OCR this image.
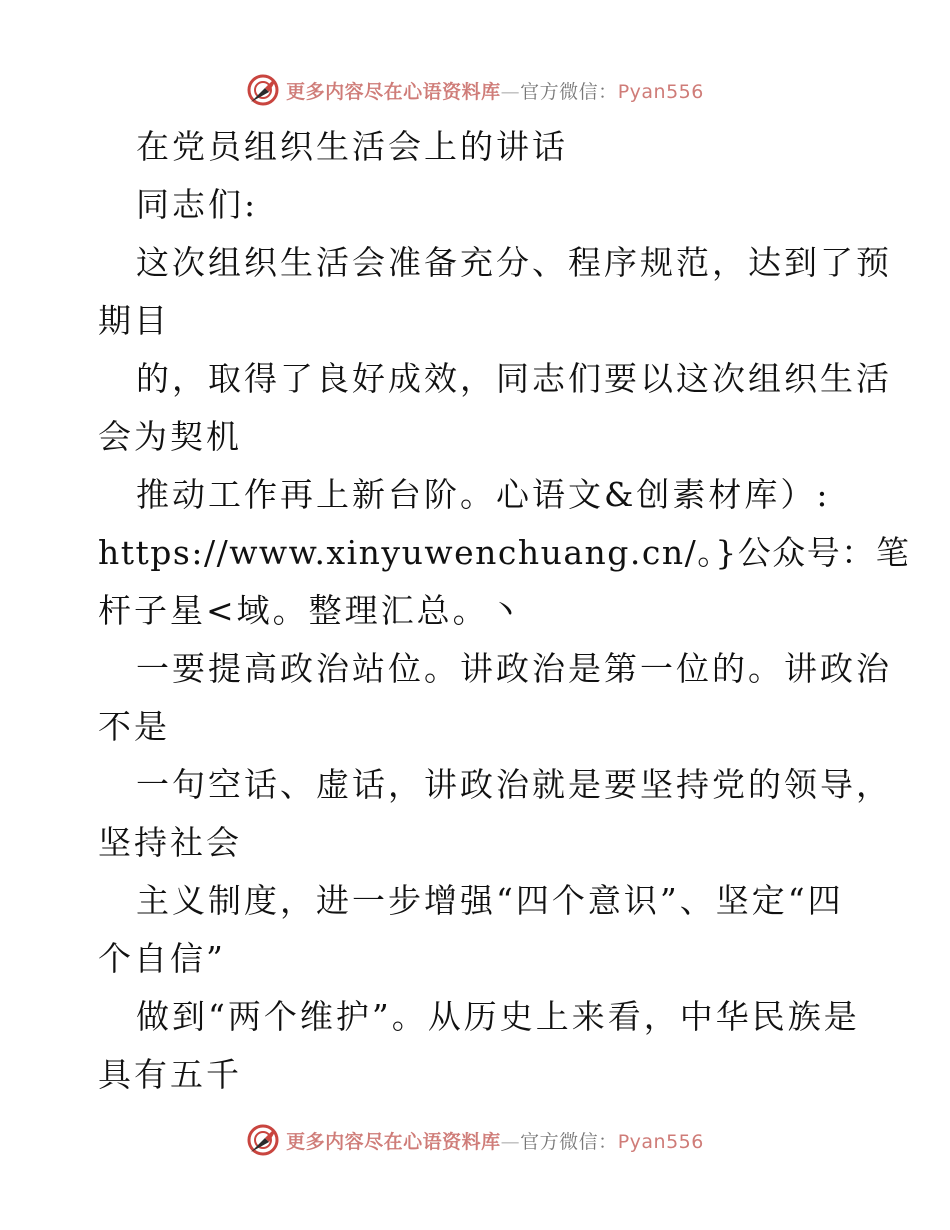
更多内容尽在心语资料库—官方微信：Pyan556
在党员组织生活会上的讲话
同志们:
这次组织生活会准备充分、程序规范，达到了预
期目
的，取得了良好成效，同志们要以这次组织生活
会为契机
推动工作再上新台阶。心语文&创素材库）:
https://www.xinyuwenchuang.cn/。}公众号：笔
杆子星<域。整理汇总。丶
一要提高政治站位。讲政治是第一位的。讲政治
不是
一句空话、虚话，讲政治就是要坚持党的领导，
坚持社会
主义制度，进一步增强“四个意识”、坚定“四
个自信”
做到“两个维护”。从历史上来看，中华民族是
具有五千
更多内容尽在心语资料库—官方微信：Pyan556
